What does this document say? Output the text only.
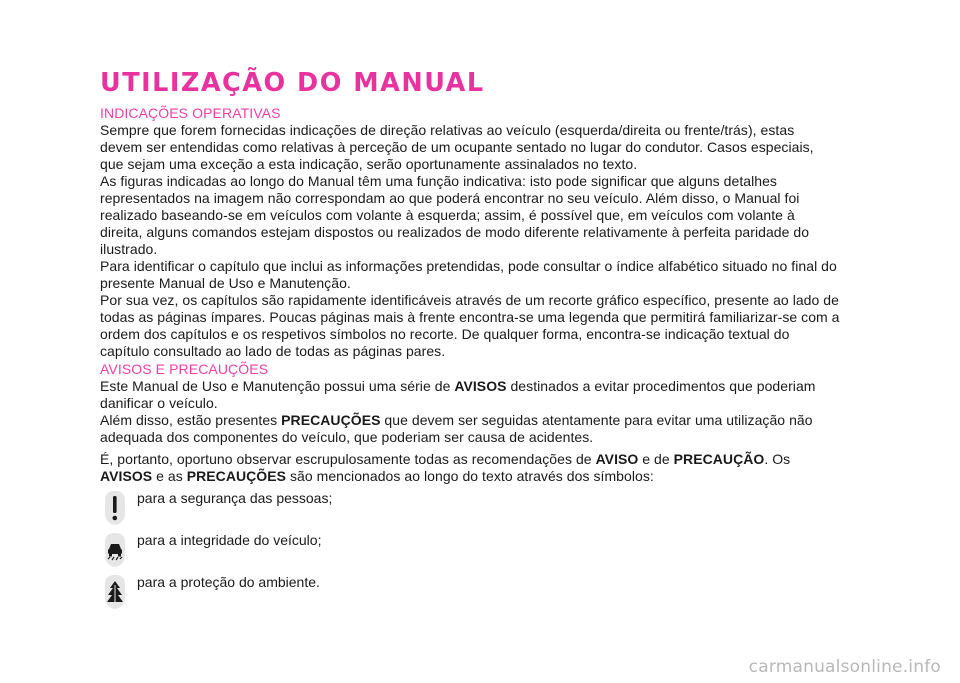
UTILIZAÇÃO DO MANUAL
INDICAÇÕES OPERATIVAS

Sempre que forem fornecidas indicações de direção relativas ao veículo (esquerda/direita ou frente/trás), estas devem ser entendidas como relativas à perceção de um ocupante sentado no lugar do condutor. Casos especiais, que sejam uma exceção a esta indicação, serão oportunamente assinalados no texto.

As figuras indicadas ao longo do Manual têm uma função indicativa: isto pode significar que alguns detalhes representados na imagem não correspondam ao que poderá encontrar no seu veículo. Além disso, o Manual foi realizado baseando-se em veículos com volante à esquerda; assim, é possível que, em veículos com volante à direita, alguns comandos estejam dispostos ou realizados de modo diferente relativamente à perfeita paridade do ilustrado.

Para identificar o capítulo que inclui as informações pretendidas, pode consultar o índice alfabético situado no final do presente Manual de Uso e Manutenção.

Por sua vez, os capítulos são rapidamente identificáveis através de um recorte gráfico específico, presente ao lado de todas as páginas ímpares. Poucas páginas mais à frente encontra-se uma legenda que permitirá familiarizar-se com a ordem dos capítulos e os respetivos símbolos no recorte. De qualquer forma, encontra-se indicação textual do capítulo consultado ao lado de todas as páginas pares.

AVISOS E PRECAUÇÕES

Este Manual de Uso e Manutenção possui uma série de AVISOS destinados a evitar procedimentos que poderiam danificar o veículo.

Além disso, estão presentes PRECAUÇÕES que devem ser seguidas atentamente para evitar uma utilização não adequada dos componentes do veículo, que poderiam ser causa de acidentes.

É, portanto, oportuno observar escrupulosamente todas as recomendações de AVISO e de PRECAUÇÃO. Os AVISOS e as PRECAUÇÕES são mencionados ao longo do texto através dos símbolos:

para a segurança das pessoas;
para a integridade do veículo;
para a proteção do ambiente.
carmanualsonline.info
